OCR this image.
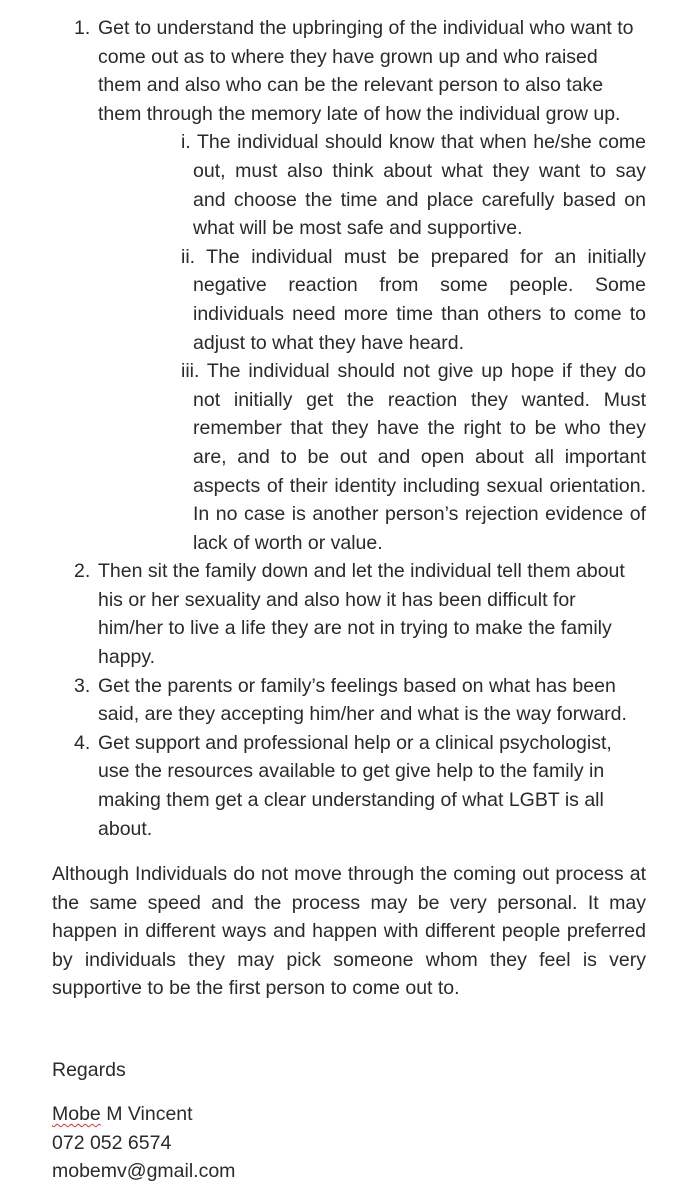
1. Get to understand the upbringing of the individual who want to come out as to where they have grown up and who raised them and also who can be the relevant person to also take them through the memory late of how the individual grow up.
i. The individual should know that when he/she come out, must also think about what they want to say and choose the time and place carefully based on what will be most safe and supportive.
ii. The individual must be prepared for an initially negative reaction from some people. Some individuals need more time than others to come to adjust to what they have heard.
iii. The individual should not give up hope if they do not initially get the reaction they wanted. Must remember that they have the right to be who they are, and to be out and open about all important aspects of their identity including sexual orientation. In no case is another person’s rejection evidence of lack of worth or value.
2. Then sit the family down and let the individual tell them about his or her sexuality and also how it has been difficult for him/her to live a life they are not in trying to make the family happy.
3. Get the parents or family’s feelings based on what has been said, are they accepting him/her and what is the way forward.
4. Get support and professional help or a clinical psychologist, use the resources available to get give help to the family in making them get a clear understanding of what LGBT is all about.

Although Individuals do not move through the coming out process at the same speed and the process may be very personal. It may happen in different ways and happen with different people preferred by individuals they may pick someone whom they feel is very supportive to be the first person to come out to.

Regards

Mobe M Vincent
072 052 6574
mobemv@gmail.com
